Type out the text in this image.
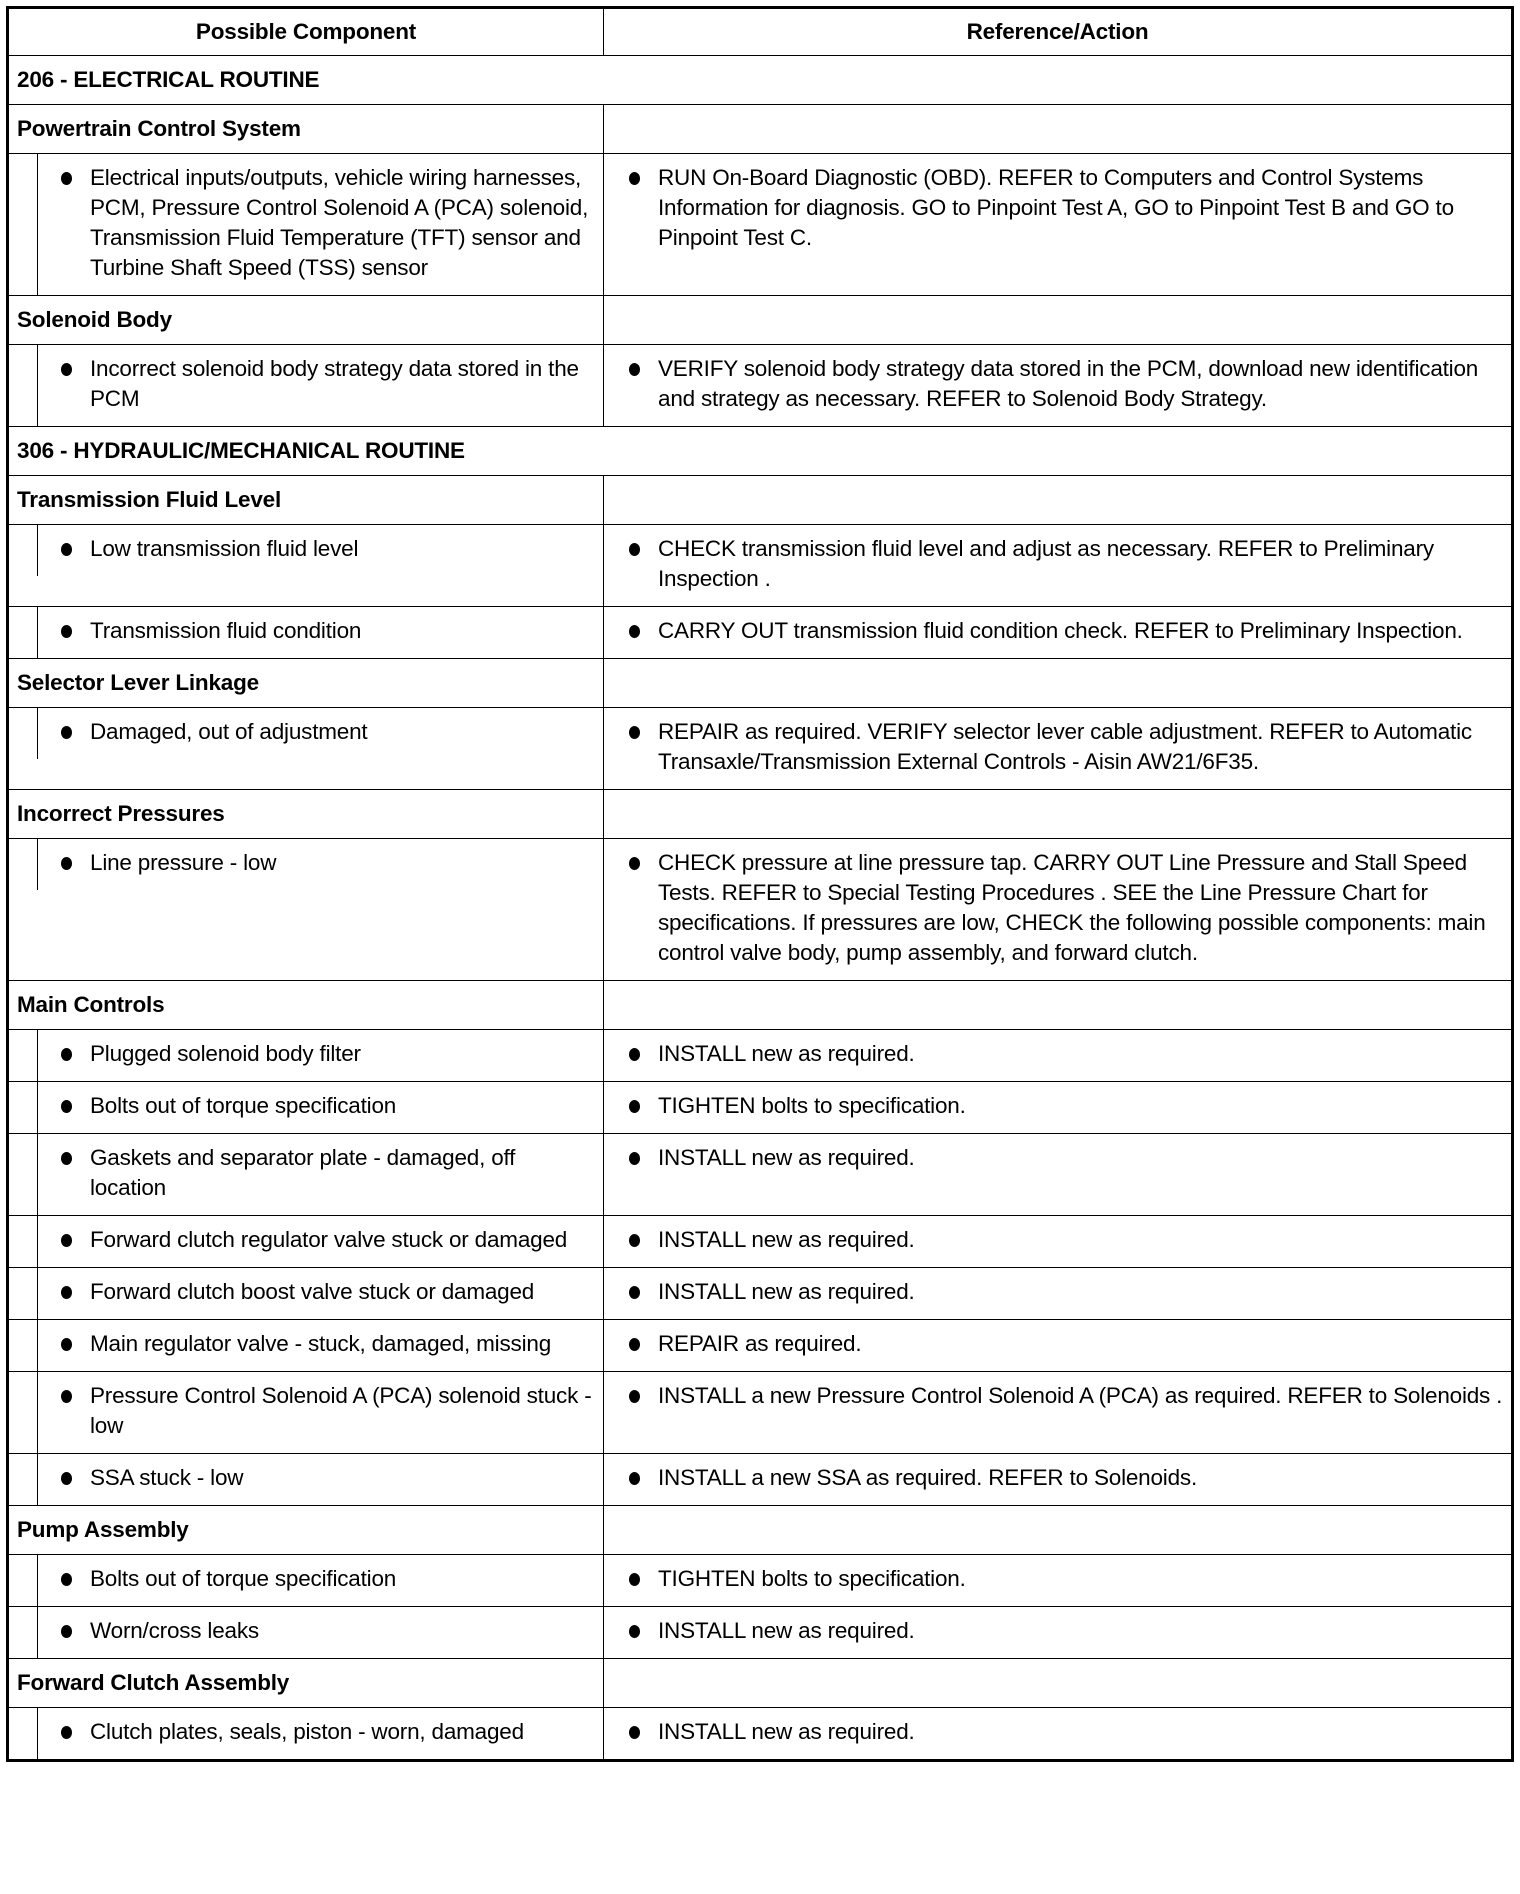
Possible Component	Reference/Action
206 - ELECTRICAL ROUTINE	
Powertrain Control System	

Electrical inputs/outputs, vehicle wiring harnesses, PCM, Pressure Control Solenoid A (PCA) solenoid, Transmission Fluid Temperature (TFT) sensor and Turbine Shaft Speed (TSS) sensor	RUN On-Board Diagnostic (OBD). REFER to Computers and Control Systems Information for diagnosis. GO to Pinpoint Test A, GO to Pinpoint Test B and GO to Pinpoint Test C.

Solenoid Body	

Incorrect solenoid body strategy data stored in the PCM	VERIFY solenoid body strategy data stored in the PCM, download new identification and strategy as necessary. REFER to Solenoid Body Strategy.

306 - HYDRAULIC/MECHANICAL ROUTINE	
Transmission Fluid Level	

Low transmission fluid level	CHECK transmission fluid level and adjust as necessary. REFER to Preliminary Inspection .

Transmission fluid condition	CARRY OUT transmission fluid condition check. REFER to Preliminary Inspection.

Selector Lever Linkage	

Damaged, out of adjustment	REPAIR as required. VERIFY selector lever cable adjustment. REFER to Automatic Transaxle/Transmission External Controls - Aisin AW21/6F35.

Incorrect Pressures	

Line pressure - low	CHECK pressure at line pressure tap. CARRY OUT Line Pressure and Stall Speed Tests. REFER to Special Testing Procedures . SEE the Line Pressure Chart for specifications. If pressures are low, CHECK the following possible components: main control valve body, pump assembly, and forward clutch.

Main Controls	

Plugged solenoid body filter	INSTALL new as required.

Bolts out of torque specification	TIGHTEN bolts to specification.

Gaskets and separator plate - damaged, off location	INSTALL new as required.

Forward clutch regulator valve stuck or damaged	INSTALL new as required.

Forward clutch boost valve stuck or damaged	INSTALL new as required.

Main regulator valve - stuck, damaged, missing	REPAIR as required.

Pressure Control Solenoid A (PCA) solenoid stuck - low	INSTALL a new Pressure Control Solenoid A (PCA) as required. REFER to Solenoids .

SSA stuck - low	INSTALL a new SSA as required. REFER to Solenoids.

Pump Assembly	

Bolts out of torque specification	TIGHTEN bolts to specification.

Worn/cross leaks	INSTALL new as required.

Forward Clutch Assembly	

Clutch plates, seals, piston - worn, damaged	INSTALL new as required.
